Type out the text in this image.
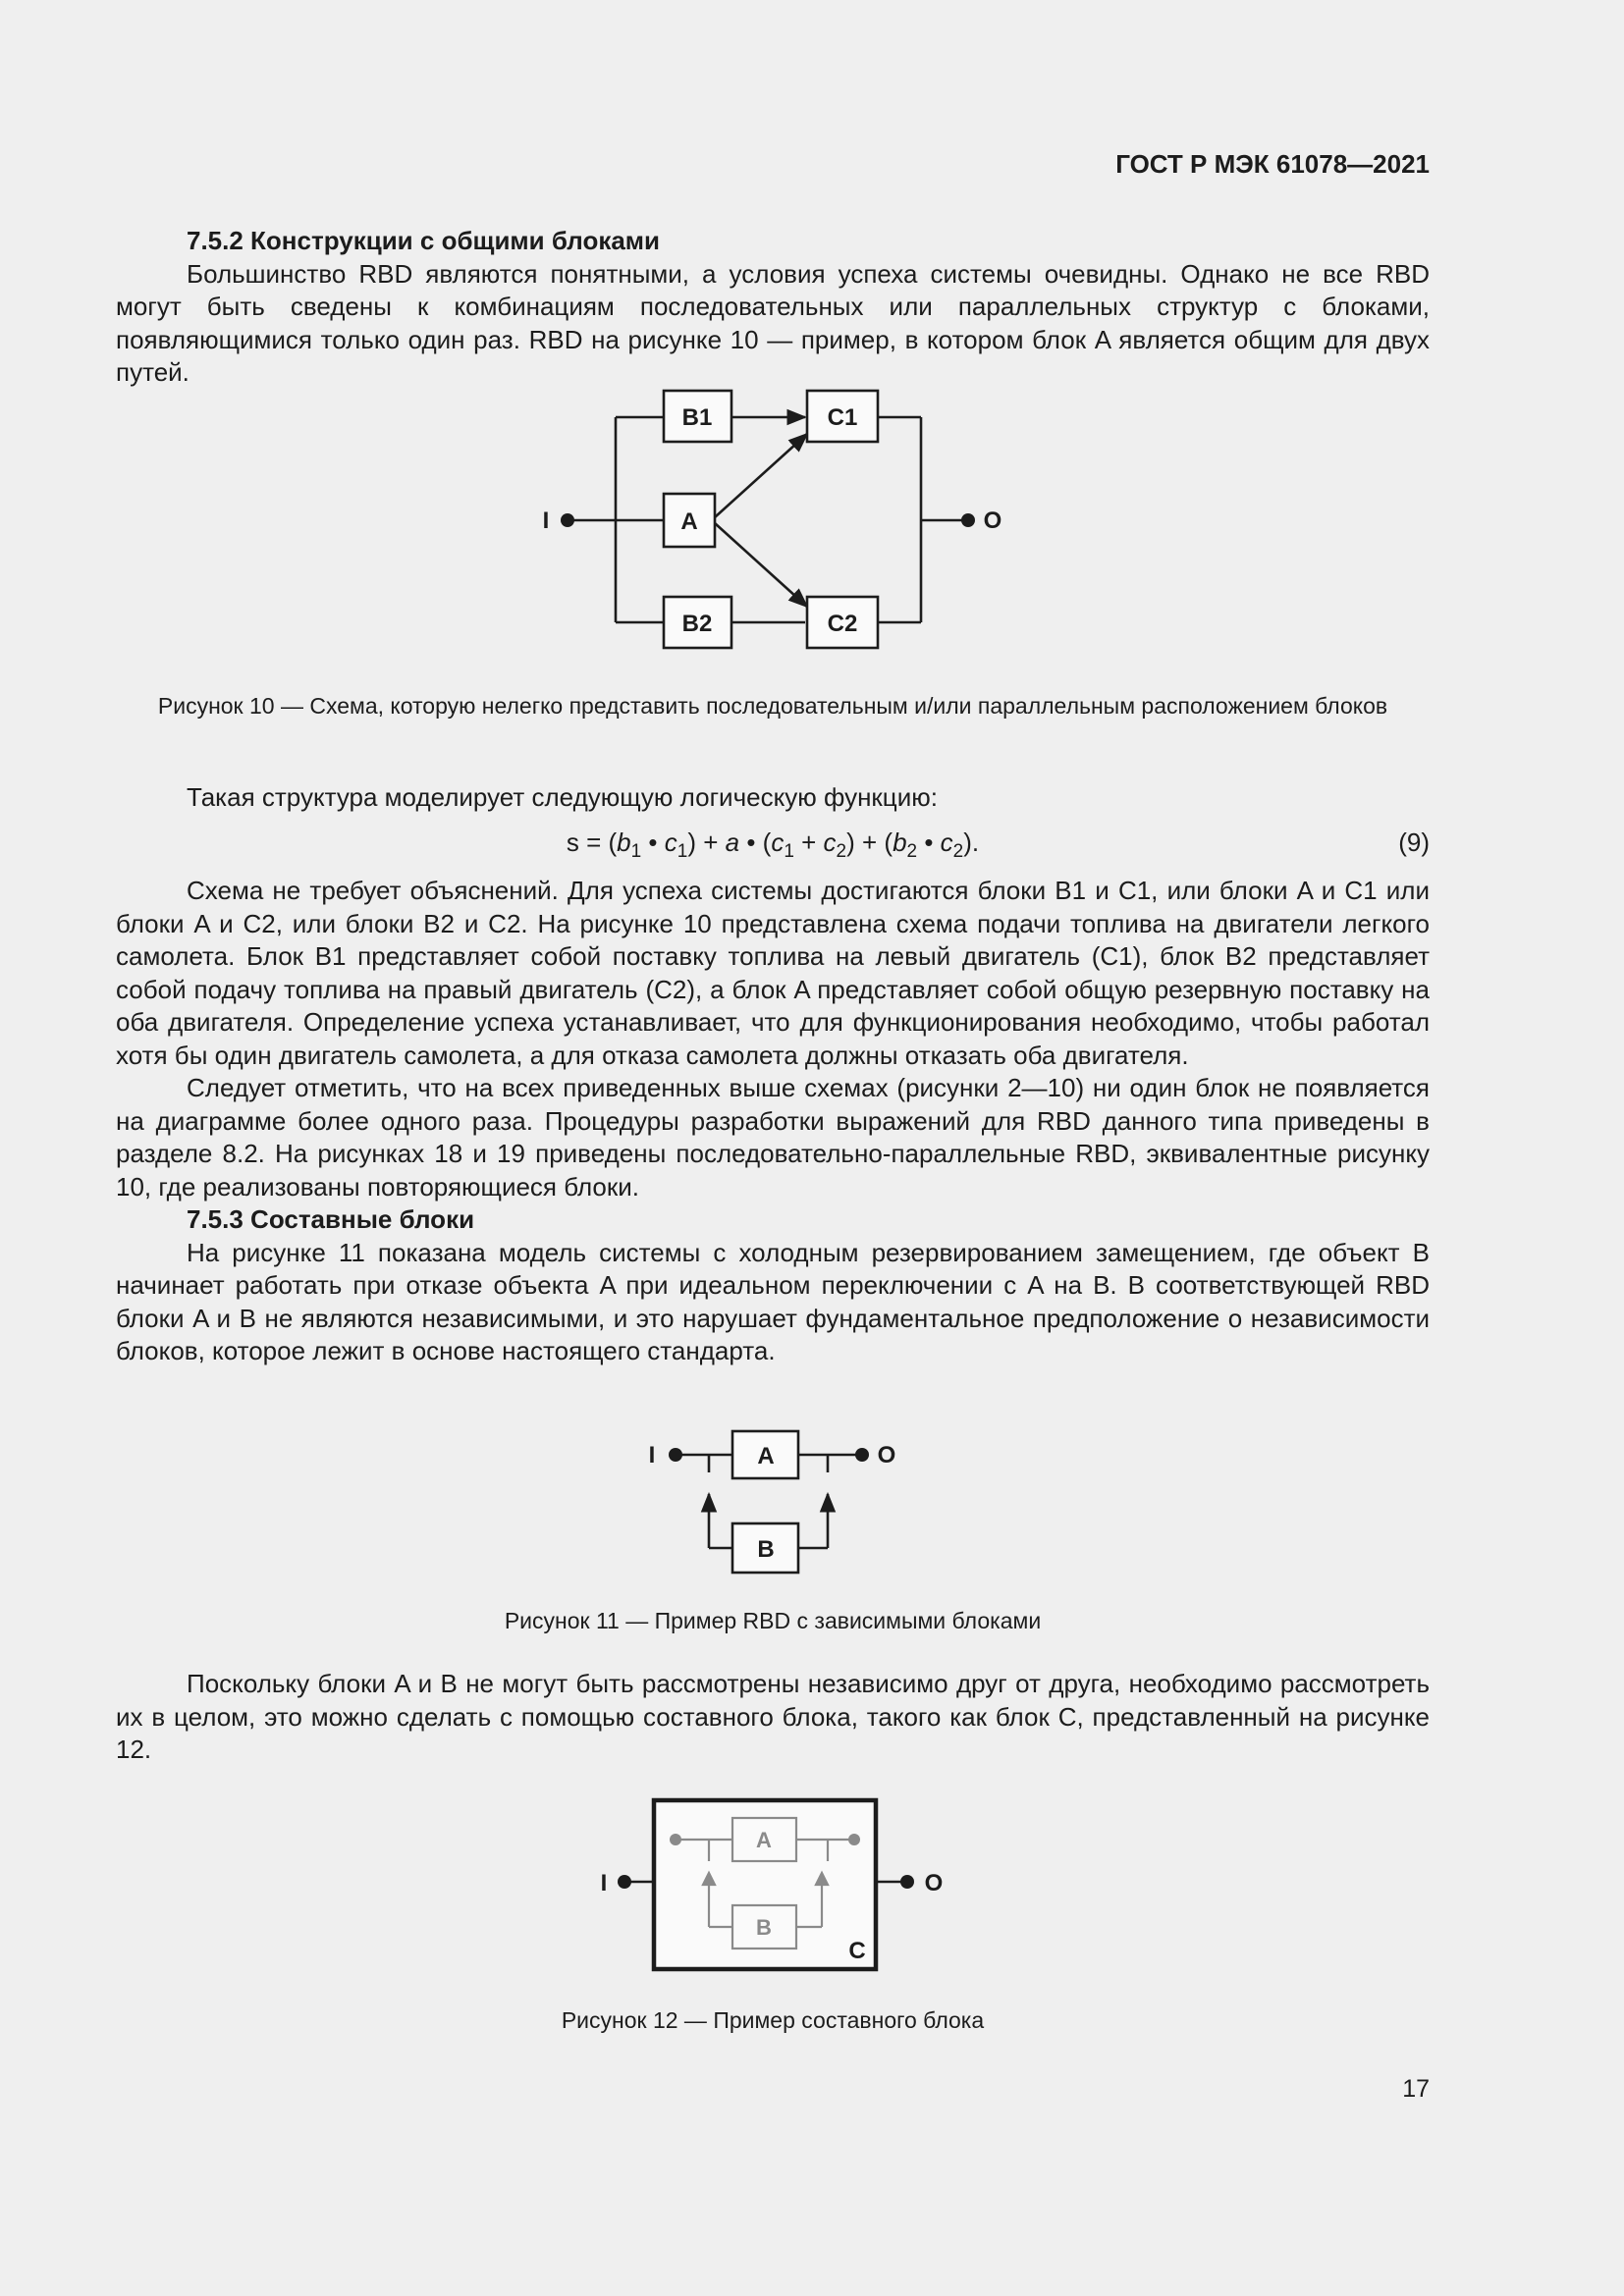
ГОСТ Р МЭК 61078—2021

7.5.2 Конструкции с общими блоками

Большинство RBD являются понятными, а условия успеха системы очевидны. Однако не все RBD могут быть сведены к комбинациям последовательных или параллельных структур с блоками, появляющимися только один раз. RBD на рисунке 10 — пример, в котором блок A является общим для двух путей.

B1	C1
A
B2	C2
I	O
Рисунок 10 — Схема, которую нелегко представить последовательным и/или параллельным расположением блоков

Такая структура моделирует следующую логическую функцию:

$s = (b_1$ • $c_1) + a$ • $(c_1 + c_2) + (b_2$ • $c_2$).	(9)

Схема не требует объяснений. Для успеха системы достигаются блоки B1 и C1, или блоки A и C1 или блоки A и C2, или блоки B2 и C2. На рисунке 10 представлена схема подачи топлива на двигатели легкого самолета. Блок B1 представляет собой поставку топлива на левый двигатель (C1), блок B2 представляет собой подачу топлива на правый двигатель (C2), а блок A представляет собой общую резервную поставку на оба двигателя. Определение успеха устанавливает, что для функционирования необходимо, чтобы работал хотя бы один двигатель самолета, а для отказа самолета должны отказать оба двигателя.

Следует отметить, что на всех приведенных выше схемах (рисунки 2—10) ни один блок не появляется на диаграмме более одного раза. Процедуры разработки выражений для RBD данного типа приведены в разделе 8.2. На рисунках 18 и 19 приведены последовательно-параллельные RBD, эквивалентные рисунку 10, где реализованы повторяющиеся блоки.

7.5.3 Составные блоки

На рисунке 11 показана модель системы с холодным резервированием замещением, где объект B начинает работать при отказе объекта A при идеальном переключении с A на B. В соответствующей RBD блоки A и B не являются независимыми, и это нарушает фундаментальное предположение о независимости блоков, которое лежит в основе настоящего стандарта.

A
B
I	O
Рисунок 11 — Пример RBD с зависимыми блоками

Поскольку блоки A и B не могут быть рассмотрены независимо друг от друга, необходимо рассмотреть их в целом, это можно сделать с помощью составного блока, такого как блок C, представленный на рисунке 12.

A
B
C
I	O
Рисунок 12 — Пример составного блока
17
